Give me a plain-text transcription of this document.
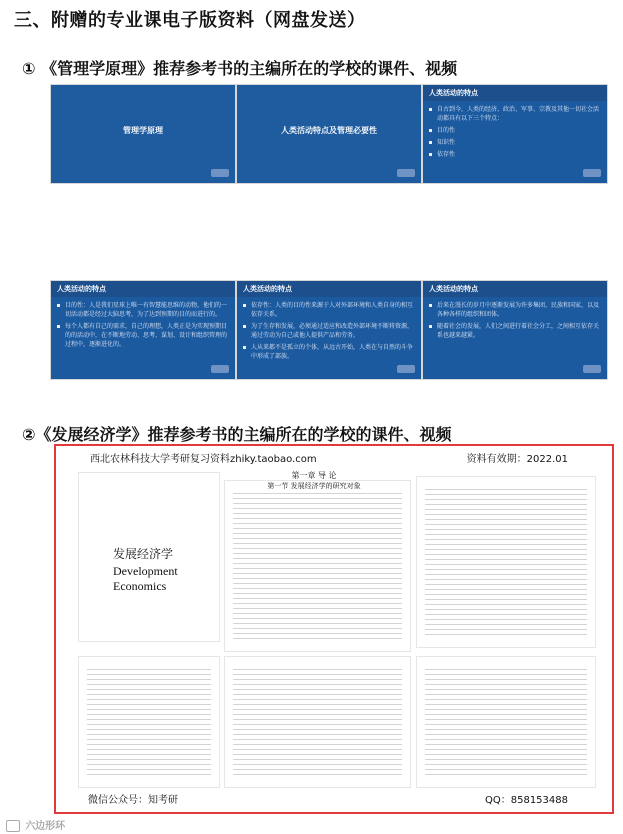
三、附赠的专业课电子版资料（网盘发送）
① 《管理学原理》推荐参考书的主编所在的学校的课件、视频
管理学原理	人类活动特点及管理必要性
人类活动的特点
自古到今，人类的经济、政治、军事、宗教及其他一切社会活动都具有以下三个特点：
目的性
知识性
依存性
人类活动的特点
目的性：人是我们星球上唯一有智慧能思维的动物，他们的一切活动都是经过大脑思考，为了达到预期的目的而进行的。
每个人都有自己的需求，自己的理想，人类正是为实现预期目的的活动中，在不断地劳动、思考、谋划、设计和组织管理的过程中，逐渐进化的。
人类活动的特点
依存性：人类的目的性来源于人对外部环境和人类自身的相互依存关系。
为了生存和发展，必须通过适应和改造外部环境不断将资源，通过劳动为自己或他人提供产品和劳务。
人从来都不是孤立的个体，从远古开始，人类在与自然的斗争中形成了部族。
人类活动的特点
后来在漫长的岁月中逐渐发展为许多集团、民族和国家，以及各种各样的组织和团体。
随着社会的发展，人们之间进行着社会分工，之间相互依存关系也越来越紧。
②《发展经济学》推荐参考书的主编所在的学校的课件、视频
西北农林科技大学考研复习资料zhiky.taobao.com	资料有效期：2022.01
发展经济学
Development Economics
第一章 导 论
第一节 发展经济学的研究对象
微信公众号：知考研	QQ：858153488
六边形环
